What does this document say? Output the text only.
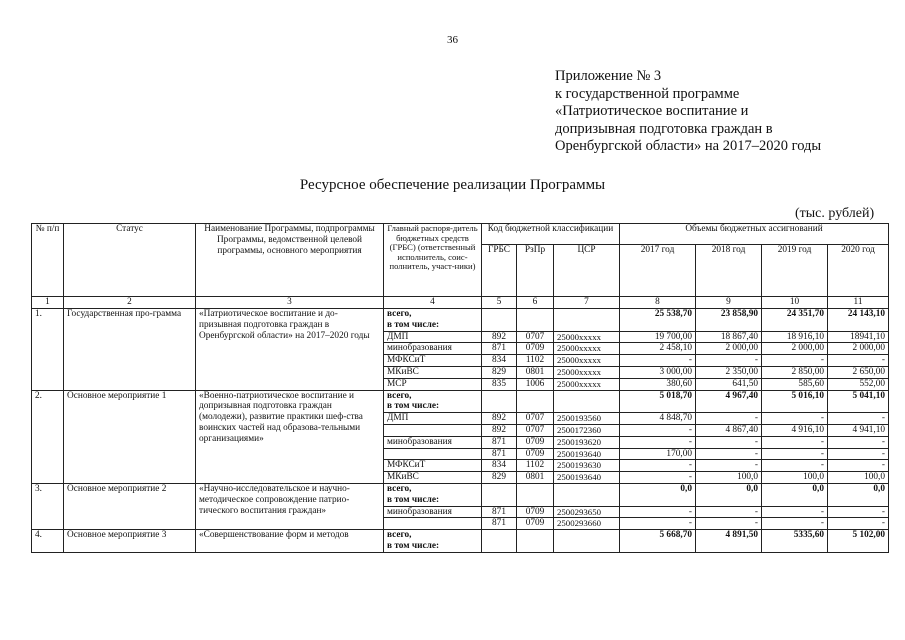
36
Приложение № 3
к государственной программе
«Патриотическое воспитание и
допризывная подготовка граждан в
Оренбургской области» на 2017–2020 годы
Ресурсное обеспечение реализации Программы
(тыс. рублей)
№ п/п	Статус	Наименование Программы, подпрограммы Программы, ведомственной целевой программы, основного мероприятия	Главный распоря-дитель бюджетных средств (ГРБС) (ответственный исполнитель, соис-полнитель, участ-ники)	Код бюджетной классификации			Объемы бюджетных ассигнований			
				ГРБС	РзПр	ЦСР	2017 год	2018 год	2019 год	2020 год
1	2	3	4	5	6	7	8	9	10	11
1.	Государственная про-грамма	«Патриотическое воспитание и до-призывная подготовка граждан в Оренбургской области» на 2017–2020 годы	всего,
в том числе:				25 538,70	23 858,90	24 351,70	24 143,10
			ДМП	892	0707	25000ххххх	19 700,00	18 867,40	18 916,10	18941,10
			минобразования	871	0709	25000ххххх	2 458,10	2 000,00	2 000,00	2 000,00
			МФКСиТ	834	1102	25000ххххх	-	-	-	-
			МКиВС	829	0801	25000ххххх	3 000,00	2 350,00	2 850,00	2 650,00
			МСР	835	1006	25000ххххх	380,60	641,50	585,60	552,00
2.	Основное мероприятие 1	«Военно-патриотическое воспитание и допризывная подготовка граждан (молодежи), развитие практики шеф-ства воинских частей над образова-тельными организациями»	всего,
в том числе:				5 018,70	4 967,40	5 016,10	5 041,10
			ДМП	892	0707	2500193560	4 848,70	-	-	-
				892	0707	2500172360	-	4 867,40	4 916,10	4 941,10
			минобразования	871	0709	2500193620	-	-	-	-
				871	0709	2500193640	170,00	-	-	-
			МФКСиТ	834	1102	2500193630	-	-	-	-
			МКиВС	829	0801	2500193640	-	100,0	100,0	100,0
3.	Основное мероприятие 2	«Научно-исследовательское и научно-методическое сопровождение патрио-тического воспитания граждан»	всего,
в том числе:				0,0	0,0	0,0	0,0
			минобразования	871	0709	2500293650	-	-	-	-
				871	0709	2500293660	-	-	-	-
4.	Основное мероприятие 3	«Совершенствование форм и методов	всего,
в том числе:				5 668,70	4 891,50	5335,60	5 102,00
